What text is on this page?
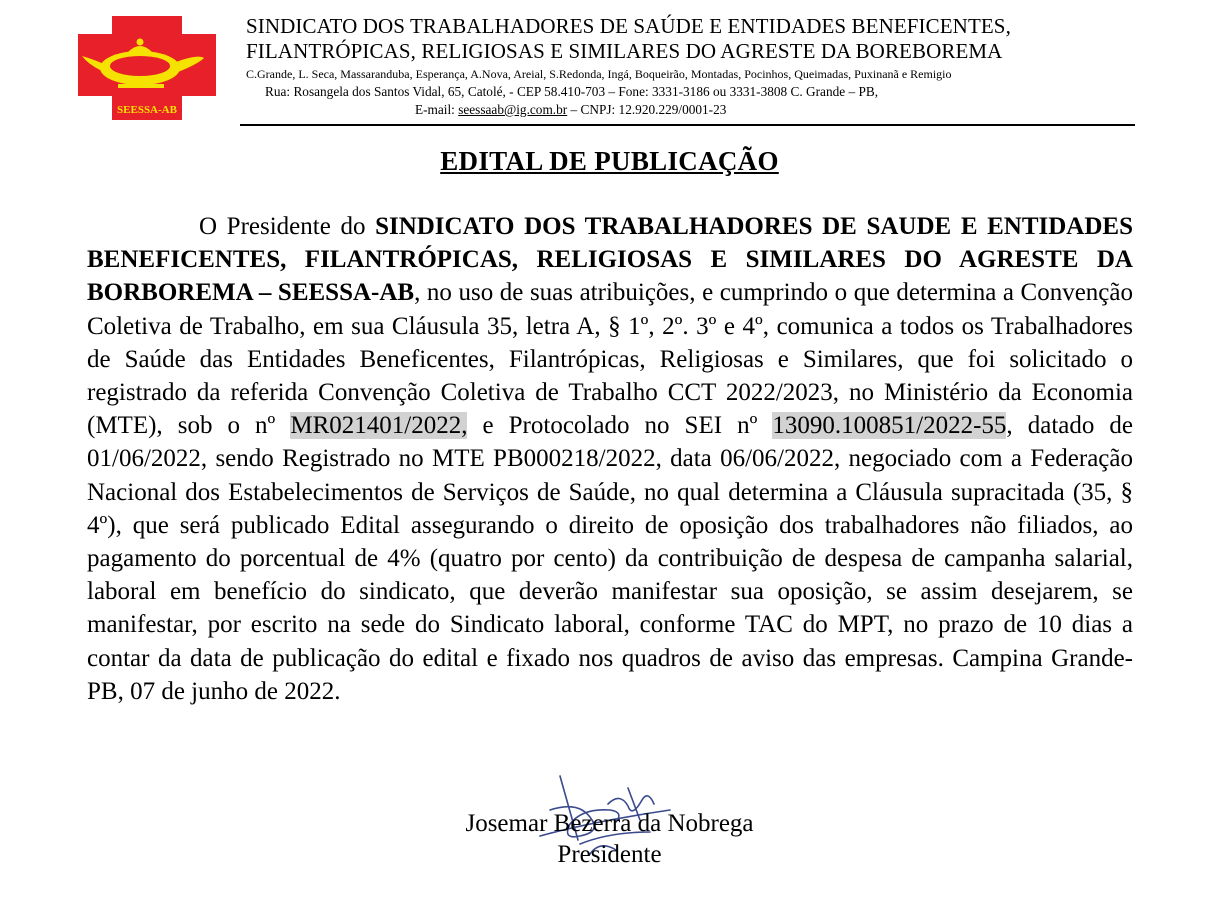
SEESSA-AB
SINDICATO DOS TRABALHADORES DE SAÚDE E ENTIDADES BENEFICENTES,
FILANTRÓPICAS, RELIGIOSAS E SIMILARES DO AGRESTE DA BOREBOREMA
C.Grande, L. Seca, Massaranduba, Esperança, A.Nova, Areial, S.Redonda, Ingá, Boqueirão, Montadas, Pocinhos, Queimadas, Puxinanã e Remigio
Rua: Rosangela dos Santos Vidal, 65, Catolé, - CEP 58.410-703 – Fone: 3331-3186 ou 3331-3808 C. Grande – PB,
E-mail: seessaab@ig.com.br – CNPJ: 12.920.229/0001-23
EDITAL DE PUBLICAÇÃO
O Presidente do SINDICATO DOS TRABALHADORES DE SAUDE E ENTIDADES BENEFICENTES, FILANTRÓPICAS, RELIGIOSAS E SIMILARES DO AGRESTE DA BORBOREMA – SEESSA-AB, no uso de suas atribuições, e cumprindo o que determina a Convenção Coletiva de Trabalho, em sua Cláusula 35, letra A, § 1º, 2º. 3º e 4º, comunica a todos os Trabalhadores de Saúde das Entidades Beneficentes, Filantrópicas, Religiosas e Similares, que foi solicitado o registrado da referida Convenção Coletiva de Trabalho CCT 2022/2023, no Ministério da Economia (MTE), sob o nº MR021401/2022, e Protocolado no SEI nº 13090.100851/2022-55, datado de 01/06/2022, sendo Registrado no MTE PB000218/2022, data 06/06/2022, negociado com a Federação Nacional dos Estabelecimentos de Serviços de Saúde, no qual determina a Cláusula supracitada (35, § 4º), que será publicado Edital assegurando o direito de oposição dos trabalhadores não filiados, ao pagamento do porcentual de 4% (quatro por cento) da contribuição de despesa de campanha salarial, laboral em benefício do sindicato, que deverão manifestar sua oposição, se assim desejarem, se manifestar, por escrito na sede do Sindicato laboral, conforme TAC do MPT, no prazo de 10 dias a contar da data de publicação do edital e fixado nos quadros de aviso das empresas. Campina Grande-PB, 07 de junho de 2022.
Josemar Bezerra da Nobrega
Presidente
